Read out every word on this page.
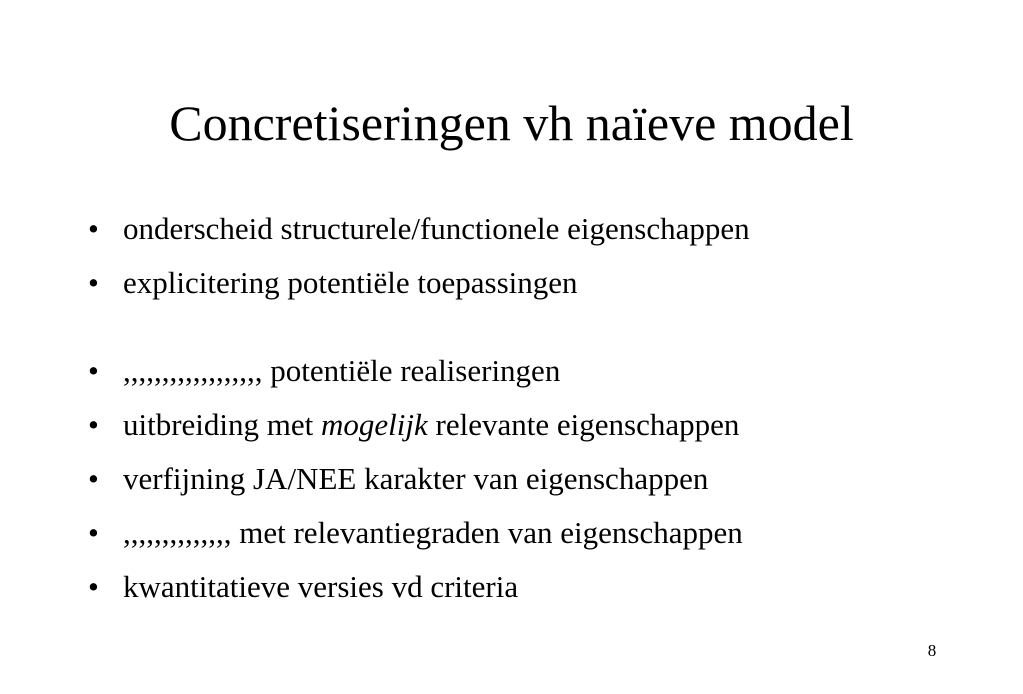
Concretiseringen vh naïeve model
• onderscheid structurele/functionele eigenschappen
• explicitering potentiële toepassingen
• ,,,,,,,,,,,,,,,,,, potentiële realiseringen
• uitbreiding met mogelijk relevante eigenschappen
• verfijning JA/NEE karakter van eigenschappen
• ,,,,,,,,,,,,,, met relevantiegraden van eigenschappen
• kwantitatieve versies vd criteria
8
